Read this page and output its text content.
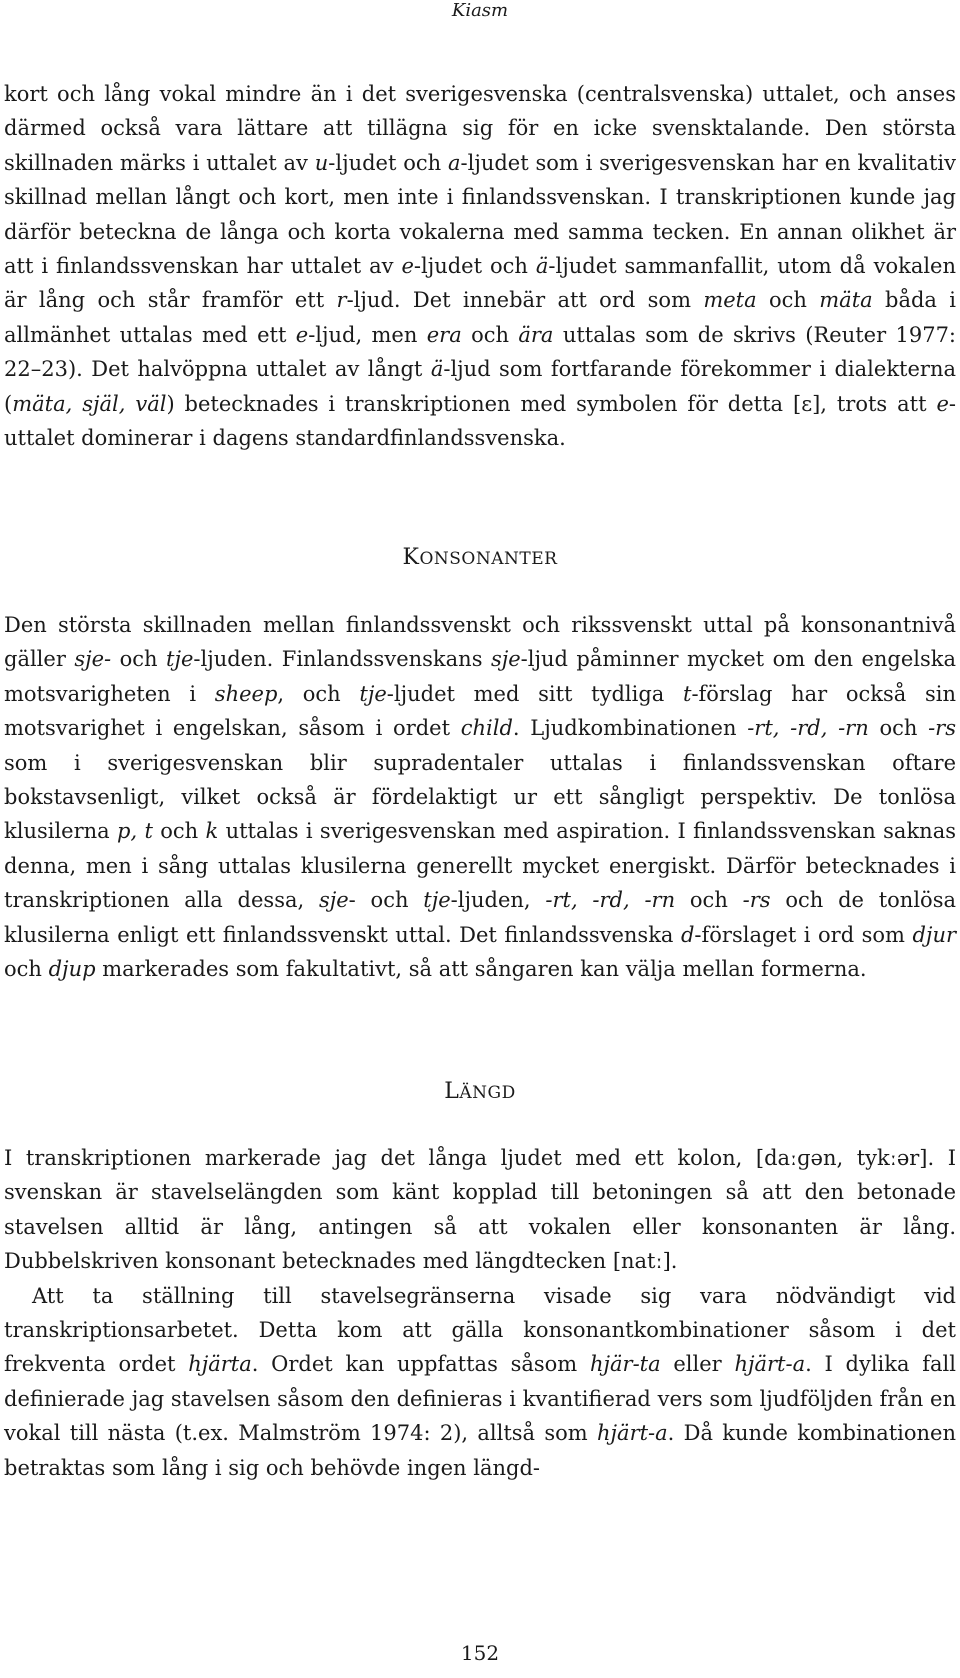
Kiasm

kort och lång vokal mindre än i det sverigesvenska (centralsvenska) uttalet, och anses därmed också vara lättare att tillägna sig för en icke svensktalande. Den största skillnaden märks i uttalet av u-ljudet och a-ljudet som i sverigesvenskan har en kvalitativ skillnad mellan långt och kort, men inte i finlandssvenskan. I transkriptionen kunde jag därför beteckna de långa och korta vokalerna med samma tecken. En annan olikhet är att i finlandssvenskan har uttalet av e-ljudet och ä-ljudet sammanfallit, utom då vokalen är lång och står framför ett r-ljud. Det innebär att ord som meta och mäta båda i allmänhet uttalas med ett e-ljud, men era och ära uttalas som de skrivs (Reuter 1977: 22–23). Det halvöppna uttalet av långt ä-ljud som fortfarande förekommer i dialekterna (mäta, själ, väl) betecknades i transkriptionen med symbolen för detta [ɛ], trots att e-uttalet dominerar i dagens standardfinlandssvenska.

KONSONANTER

Den största skillnaden mellan finlandssvenskt och rikssvenskt uttal på konsonantnivå gäller sje- och tje-ljuden. Finlandssvenskans sje-ljud påminner mycket om den engelska motsvarigheten i sheep, och tje-ljudet med sitt tydliga t-förslag har också sin motsvarighet i engelskan, såsom i ordet child. Ljudkombinationen -rt, -rd, -rn och -rs som i sverigesvenskan blir supradentaler uttalas i finlandssvenskan oftare bokstavsenligt, vilket också är fördelaktigt ur ett sångligt perspektiv. De tonlösa klusilerna p, t och k uttalas i sverigesvenskan med aspiration. I finlandssvenskan saknas denna, men i sång uttalas klusilerna generellt mycket energiskt. Därför betecknades i transkriptionen alla dessa, sje- och tje-ljuden, -rt, -rd, -rn och -rs och de tonlösa klusilerna enligt ett finlandssvenskt uttal. Det finlandssvenska d-förslaget i ord som djur och djup markerades som fakultativt, så att sångaren kan välja mellan formerna.

LÄNGD

I transkriptionen markerade jag det långa ljudet med ett kolon, [daːɡən, tykːər]. I svenskan är stavelselängden som känt kopplad till betoningen så att den betonade stavelsen alltid är lång, antingen så att vokalen eller konsonanten är lång. Dubbelskriven konsonant betecknades med längdtecken [natː].

Att ta ställning till stavelsegränserna visade sig vara nödvändigt vid transkriptionsarbetet. Detta kom att gälla konsonantkombinationer såsom i det frekventa ordet hjärta. Ordet kan uppfattas såsom hjär-ta eller hjärt-a. I dylika fall definierade jag stavelsen såsom den definieras i kvantifierad vers som ljudföljden från en vokal till nästa (t.ex. Malmström 1974: 2), alltså som hjärt-a. Då kunde kombinationen betraktas som lång i sig och behövde ingen längd-

152
